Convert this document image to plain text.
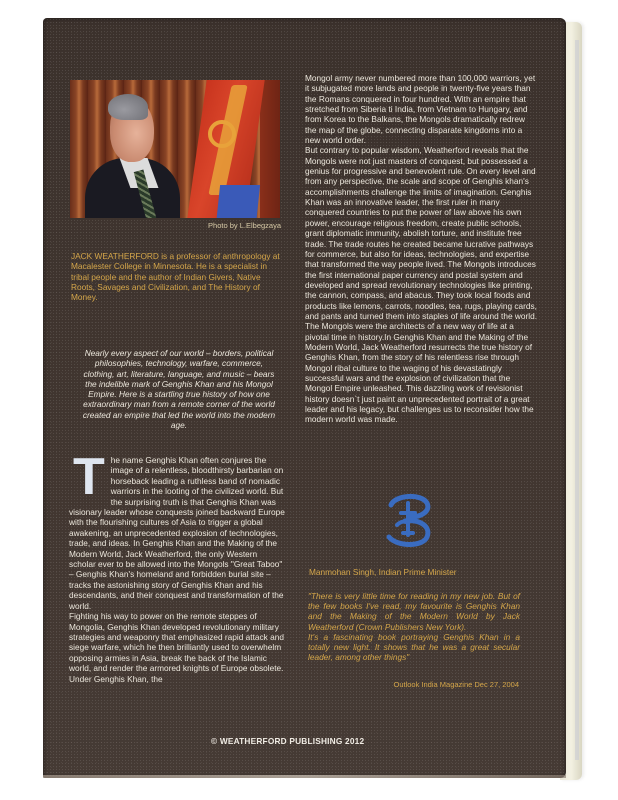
Photo by L.Elbegzaya
JACK WEATHERFORD is a professor of anthropology at Macalester College in Minnesota. He is a specialist in tribal people and the author of Indian Givers, Native Roots, Savages and Civilization, and The History of Money.
Nearly every aspect of our world – borders, political philosophies, technology, warfare, commerce, clothing, art, literature, language, and music – bears the indelible mark of Genghis Khan and his Mongol Empire. Here is a startling true history of how one extraordinary man from a remote corner of the world created an empire that led the world into the modern age.
T he name Genghis Khan often conjures the image of a relentless, bloodthirsty barbarian on horseback leading a ruthless band of nomadic warriors in the looting of the civilized world. But the surprising truth is that Genghis Khan was visionary leader whose conquests joined backward Europe with the flourishing cultures of Asia to trigger a global awakening, an unprecedented explosion of technologies, trade, and ideas. In Genghis Khan and the Making of the Modern World, Jack Weatherford, the only Western scholar ever to be allowed into the Mongols "Great Taboo" – Genghis Khan's homeland and forbidden burial site – tracks the astonishing story of Genghis Khan and his descendants, and their conquest and transformation of the world.

Fighting his way to power on the remote steppes of Mongolia, Genghis Khan developed revolutionary military strategies and weaponry that emphasized rapid attack and siege warfare, which he then brilliantly used to overwhelm opposing armies in Asia, break the back of the Islamic world, and render the armored knights of Europe obsolete. Under Genghis Khan, the

Mongol army never numbered more than 100,000 warriors, yet it subjugated more lands and people in twenty-five years than the Romans conquered in four hundred. With an empire that stretched from Siberia ti India, from Vietnam to Hungary, and from Korea to the Balkans, the Mongols dramatically redrew the map of the globe, connecting disparate kingdoms into a new world order.

But contrary to popular wisdom, Weatherford reveals that the Mongols were not just masters of conquest, but possessed a genius for progressive and benevolent rule. On every level and from any perspective, the scale and scope of Genghis khan's accomplishments challenge the limits of imagination. Genghis Khan was an innovative leader, the first ruler in many conquered countries to put the power of law above his own power, encourage religious freedom, create public schools, grant diplomatic immunity, abolish torture, and institute free trade. The trade routes he created became lucrative pathways for commerce, but also for ideas, technologies, and expertise that transformed the way people lived. The Mongols introduces the first international paper currency and postal system and developed and spread revolutionary technologies like printing, the cannon, compass, and abacus. They took local foods and products like lemons, carrots, noodles, tea, rugs, playing cards, and pants and turned them into staples of life around the world.

The Mongols were the architects of a new way of life at a pivotal time in history.In Genghis Khan and the Making of the Modern World, Jack Weatherford resurrects the true history of Genghis Khan, from the story of his relentless rise through Mongol ribal culture to the waging of his devastatingly successful wars and the explosion of civilization that the Mongol Empire unleashed. This dazzling work of revisionist history doesn`t just paint an unprecedented portrait of a great leader and his legacy, but challenges us to reconsider how the modern world was made.

Manmohan Singh, Indian Prime Minister

"There is very little time for reading in my new job. But of the few books I've read, my favourite is Genghis Khan and the Making of the Modern World by Jack Weatherford (Crown Publishers New York).

It's a fascinating book portraying Genghis Khan in a totally new light. It shows that he was a great secular leader, among other things"

Outlook India Magazine Dec 27, 2004
© WEATHERFORD PUBLISHING 2012
